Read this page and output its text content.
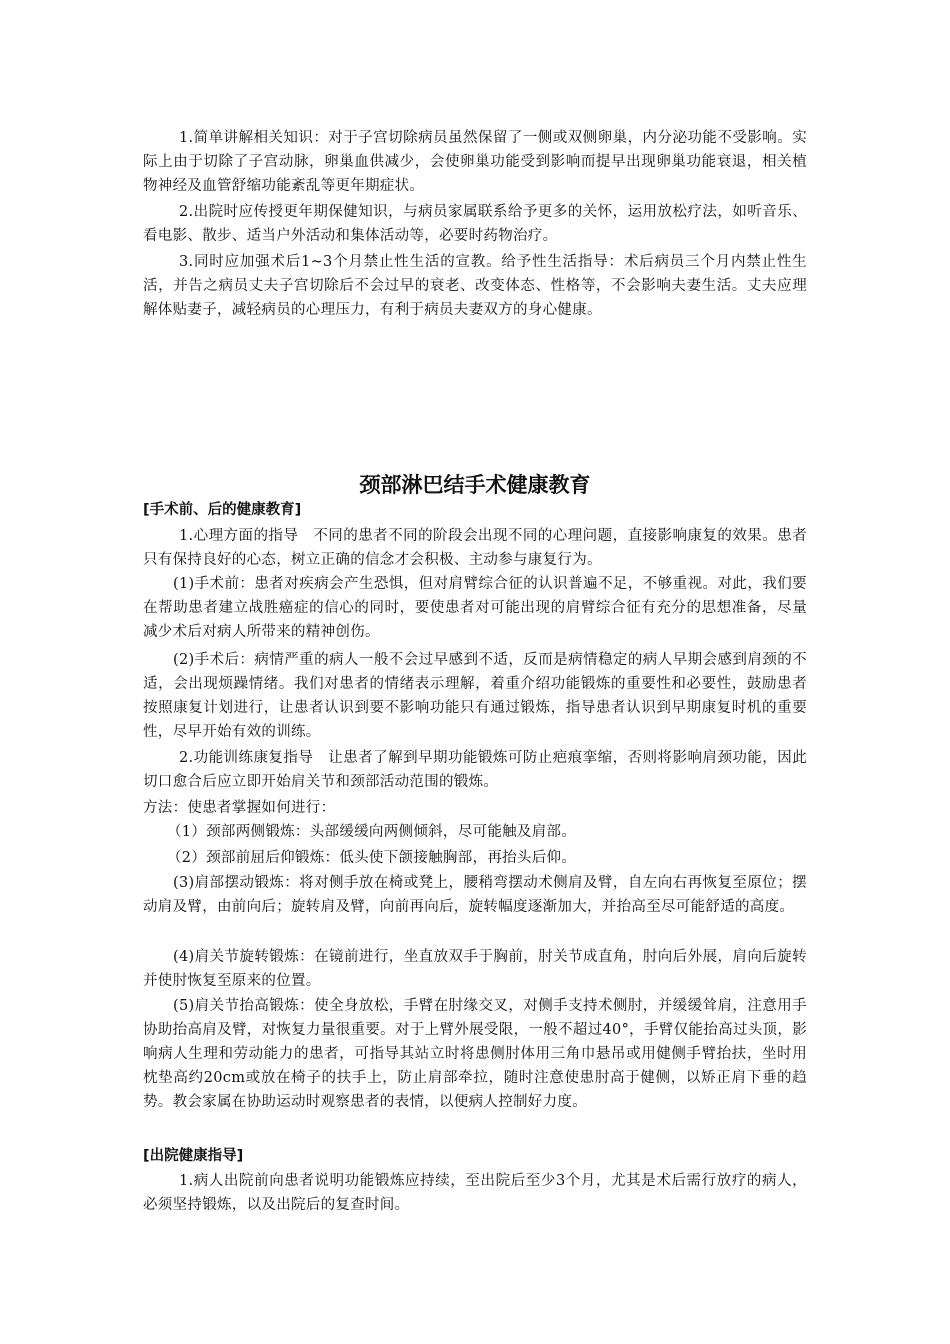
1.简单讲解相关知识：对于子宫切除病员虽然保留了一侧或双侧卵巢，内分泌功能不受影响。实际上由于切除了子宫动脉，卵巢血供减少，会使卵巢功能受到影响而提早出现卵巢功能衰退，相关植物神经及血管舒缩功能紊乱等更年期症状。
2.出院时应传授更年期保健知识，与病员家属联系给予更多的关怀，运用放松疗法，如听音乐、看电影、散步、适当户外活动和集体活动等，必要时药物治疗。
3.同时应加强术后1~3个月禁止性生活的宣教。给予性生活指导：术后病员三个月内禁止性生活，并告之病员丈夫子宫切除后不会过早的衰老、改变体态、性格等，不会影响夫妻生活。丈夫应理解体贴妻子，减轻病员的心理压力，有利于病员夫妻双方的身心健康。
颈部淋巴结手术健康教育
[手术前、后的健康教育]
1.心理方面的指导　不同的患者不同的阶段会出现不同的心理问题，直接影响康复的效果。患者只有保持良好的心态，树立正确的信念才会积极、主动参与康复行为。
(1)手术前：患者对疾病会产生恐惧，但对肩臂综合征的认识普遍不足，不够重视。对此，我们要在帮助患者建立战胜癌症的信心的同时，要使患者对可能出现的肩臂综合征有充分的思想准备，尽量减少术后对病人所带来的精神创伤。
(2)手术后：病情严重的病人一般不会过早感到不适，反而是病情稳定的病人早期会感到肩颈的不适，会出现烦躁情绪。我们对患者的情绪表示理解，着重介绍功能锻炼的重要性和必要性，鼓励患者按照康复计划进行，让患者认识到要不影响功能只有通过锻炼，指导患者认识到早期康复时机的重要性，尽早开始有效的训练。
2.功能训练康复指导　让患者了解到早期功能锻炼可防止疤痕挛缩，否则将影响肩颈功能，因此切口愈合后应立即开始肩关节和颈部活动范围的锻炼。
方法：使患者掌握如何进行：
（1）颈部两侧锻炼：头部缓缓向两侧倾斜，尽可能触及肩部。
（2）颈部前屈后仰锻炼：低头使下颌接触胸部，再抬头后仰。
(3)肩部摆动锻炼：将对侧手放在椅或凳上，腰稍弯摆动术侧肩及臂，自左向右再恢复至原位；摆动肩及臂，由前向后；旋转肩及臂，向前再向后，旋转幅度逐渐加大，并抬高至尽可能舒适的高度。
(4)肩关节旋转锻炼：在镜前进行，坐直放双手于胸前，肘关节成直角，肘向后外展，肩向后旋转并使肘恢复至原来的位置。
(5)肩关节抬高锻炼：使全身放松，手臂在肘缘交叉，对侧手支持术侧肘，并缓缓耸肩，注意用手协助抬高肩及臂，对恢复力量很重要。对于上臂外展受限，一般不超过40°，手臂仅能抬高过头顶，影响病人生理和劳动能力的患者，可指导其站立时将患侧肘体用三角巾悬吊或用健侧手臂抬扶，坐时用枕垫高约20cm或放在椅子的扶手上，防止肩部牵拉，随时注意使患肘高于健侧，以矫正肩下垂的趋势。教会家属在协助运动时观察患者的表情，以便病人控制好力度。
[出院健康指导]
1.病人出院前向患者说明功能锻炼应持续，至出院后至少3个月，尤其是术后需行放疗的病人，必须坚持锻炼，以及出院后的复查时间。
